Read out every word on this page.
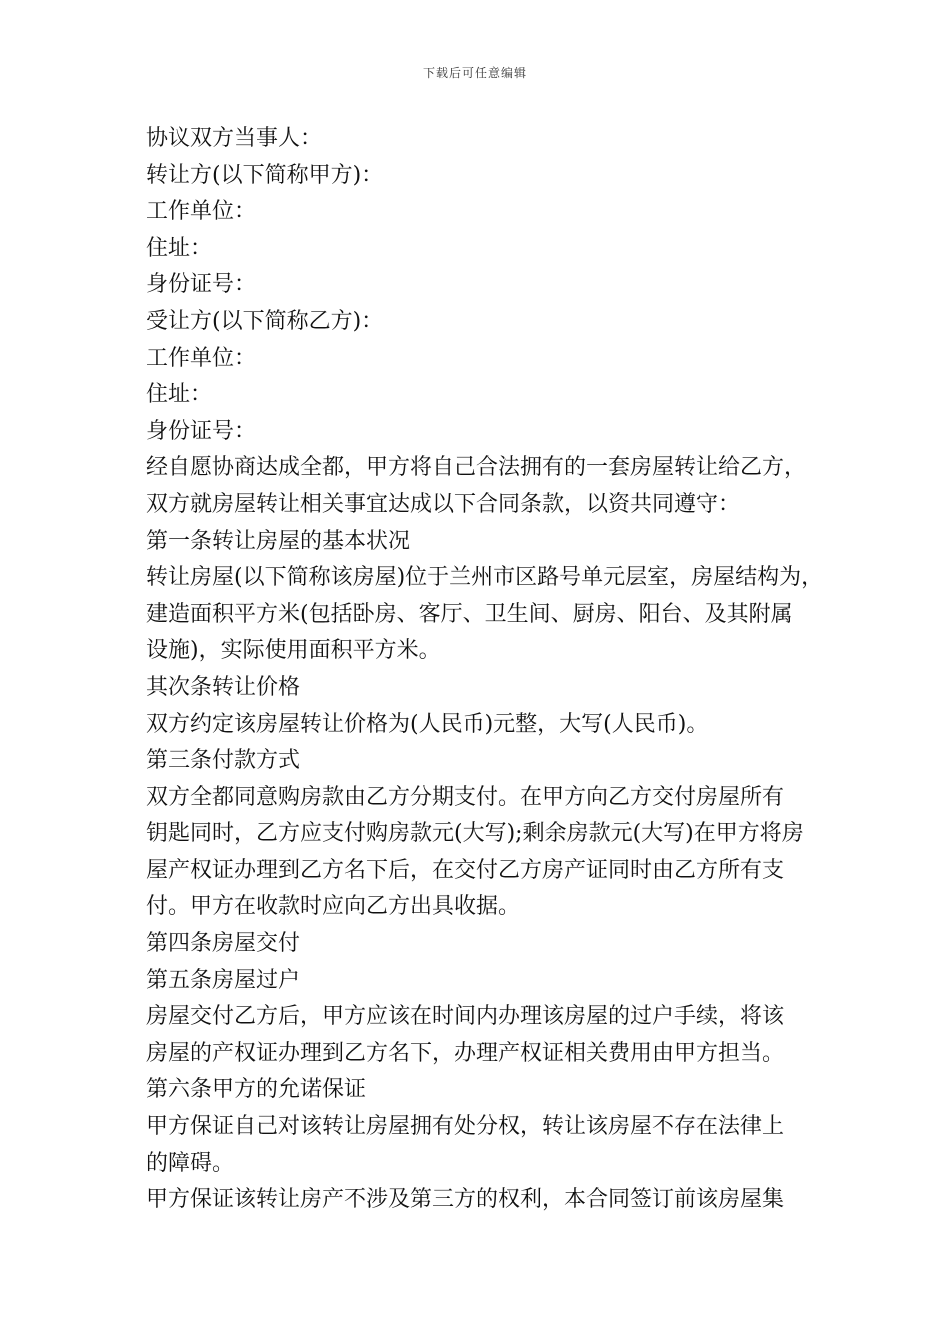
下载后可任意编辑

协议双方当事人：

转让方(以下简称甲方)：

工作单位：

住址：

身份证号：

受让方(以下简称乙方)：

工作单位：

住址：

身份证号：

经自愿协商达成全都，甲方将自己合法拥有的一套房屋转让给乙方，

双方就房屋转让相关事宜达成以下合同条款，以资共同遵守：

第一条转让房屋的基本状况

转让房屋(以下简称该房屋)位于兰州市区路号单元层室，房屋结构为，

建造面积平方米(包括卧房、客厅、卫生间、厨房、阳台、及其附属

设施)，实际使用面积平方米。

其次条转让价格

双方约定该房屋转让价格为(人民币)元整，大写(人民币)。

第三条付款方式

双方全都同意购房款由乙方分期支付。在甲方向乙方交付房屋所有

钥匙同时，乙方应支付购房款元(大写);剩余房款元(大写)在甲方将房

屋产权证办理到乙方名下后，在交付乙方房产证同时由乙方所有支

付。甲方在收款时应向乙方出具收据。

第四条房屋交付

第五条房屋过户

房屋交付乙方后，甲方应该在时间内办理该房屋的过户手续，将该

房屋的产权证办理到乙方名下，办理产权证相关费用由甲方担当。

第六条甲方的允诺保证

甲方保证自己对该转让房屋拥有处分权，转让该房屋不存在法律上

的障碍。

甲方保证该转让房产不涉及第三方的权利，本合同签订前该房屋集
